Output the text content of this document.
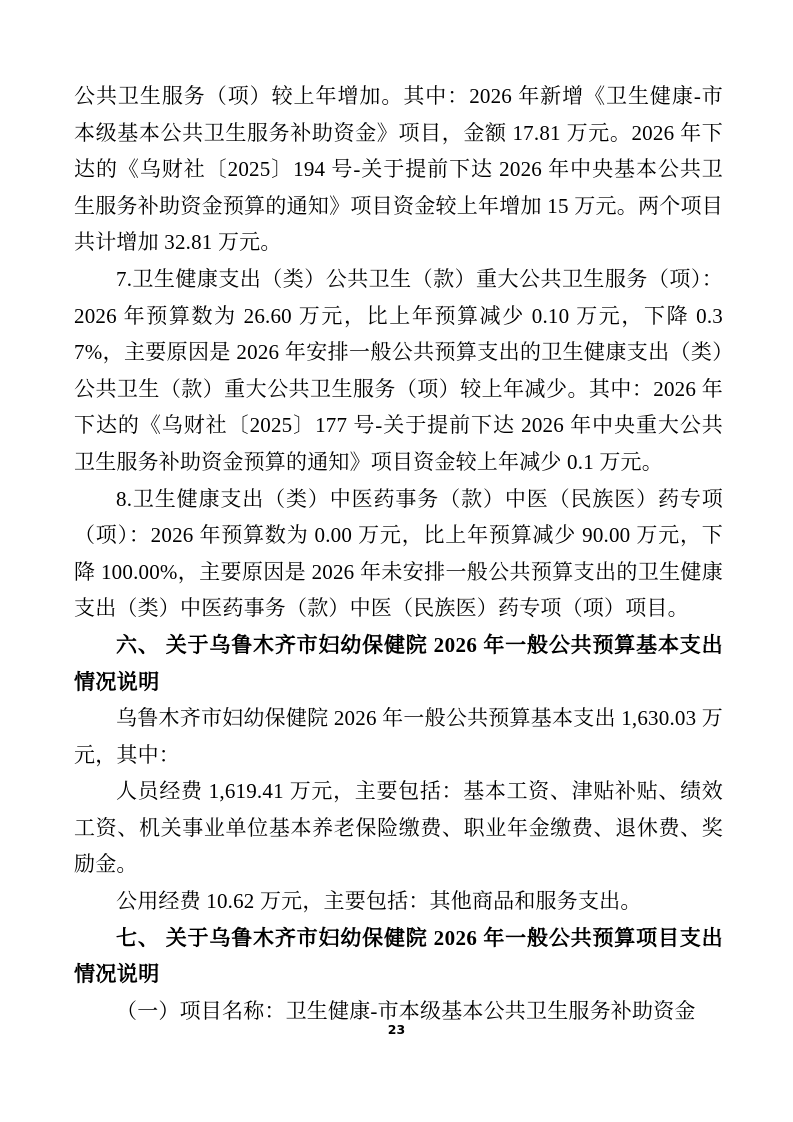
公共卫生服务（项）较上年增加。其中：2026 年新增《卫生健康-市本级基本公共卫生服务补助资金》项目，金额 17.81 万元。2026 年下达的《乌财社〔2025〕194 号-关于提前下达 2026 年中央基本公共卫生服务补助资金预算的通知》项目资金较上年增加 15 万元。两个项目共计增加 32.81 万元。

7.卫生健康支出（类）公共卫生（款）重大公共卫生服务（项）：2026 年预算数为 26.60 万元，比上年预算减少 0.10 万元，下降 0.37%，主要原因是 2026 年安排一般公共预算支出的卫生健康支出（类）公共卫生（款）重大公共卫生服务（项）较上年减少。其中：2026 年下达的《乌财社〔2025〕177 号-关于提前下达 2026 年中央重大公共卫生服务补助资金预算的通知》项目资金较上年减少 0.1 万元。

8.卫生健康支出（类）中医药事务（款）中医（民族医）药专项（项）：2026 年预算数为 0.00 万元，比上年预算减少 90.00 万元，下降 100.00%，主要原因是 2026 年未安排一般公共预算支出的卫生健康支出（类）中医药事务（款）中医（民族医）药专项（项）项目。

六、 关于乌鲁木齐市妇幼保健院 2026 年一般公共预算基本支出情况说明

乌鲁木齐市妇幼保健院 2026 年一般公共预算基本支出 1,630.03 万元，其中：

人员经费 1,619.41 万元，主要包括：基本工资、津贴补贴、绩效工资、机关事业单位基本养老保险缴费、职业年金缴费、退休费、奖励金。

公用经费 10.62 万元，主要包括：其他商品和服务支出。

七、 关于乌鲁木齐市妇幼保健院 2026 年一般公共预算项目支出情况说明

（一）项目名称：卫生健康-市本级基本公共卫生服务补助资金

23
